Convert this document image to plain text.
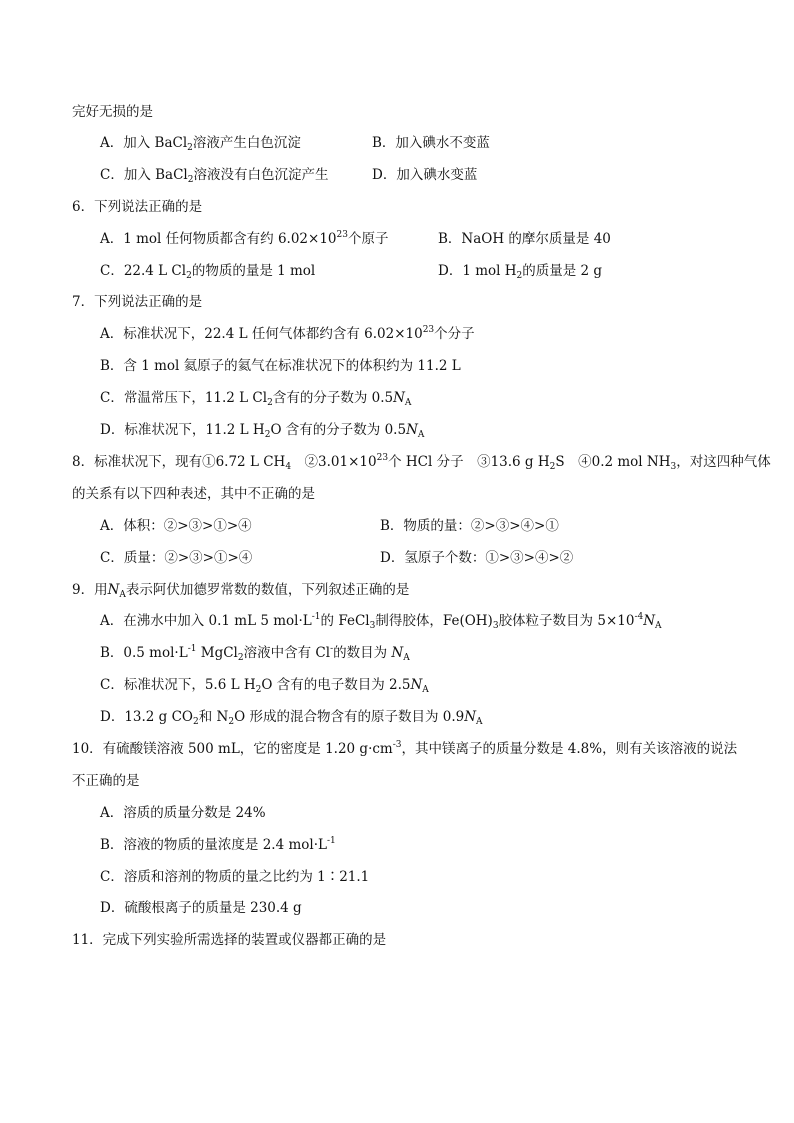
完好无损的是
A．加入 BaCl$_2$溶液产生白色沉淀	B．加入碘水不变蓝
C．加入 BaCl$_2$溶液没有白色沉淀产生	D．加入碘水变蓝
6．下列说法正确的是
A．1 mol 任何物质都含有约 $6.02\times 10^{23}$个原子	B．NaOH 的摩尔质量是 40
C．22.4 L $Cl_2$的物质的量是 1 mol	D．1 mol $H_2$的质量是 2 g
7．下列说法正确的是
A．标准状况下，22.4 L 任何气体都约含有 $6.02\times 10^{23}$个分子
B．含 1 mol 氦原子的氦气在标准状况下的体积约为 11.2 L
C．常温常压下，11.2 L $Cl_2$含有的分子数为 $0.5N_A$
D．标准状况下，11.2 L $H_2O$ 含有的分子数为 $0.5N_A$
8．标准状况下，现有①6.72 L $CH_4$　$②3.01\times 10^{23}$个 HCl 分子　③13.6 g $H_2S$　④0.2 mol $NH_3$，对这四种气体
的关系有以下四种表述，其中不正确的是
A．体积：②>③>①>④	B．物质的量：②>③>④>①
C．质量：②>③>①>④	D．氢原子个数：①>③>④>②
9．用$N_A$表示阿伏加德罗常数的数值，下列叙述正确的是
A．在沸水中加入 0.1 mL 5 $mol\cdot L^{-1}$的 FeCl$_3$制得胶体，$Fe(OH)_3$胶体粒子数目为 $5\times 10^{-4}N_A$
B．0.5 $mol\cdot L^{-1}$ MgCl$_2$溶液中含有 Cl-的数目为 $N_A$
C．标准状况下，5.6 L $H_2O$ 含有的电子数目为 $2.5N_A$
D．13.2 g $CO_2$和 $N_2O$ 形成的混合物含有的原子数目为 $0.9N_A$
10．有硫酸镁溶液 500 mL，它的密度是 1.20 $g\cdot cm^{-3}$，其中镁离子的质量分数是 4.8%，则有关该溶液的说法
不正确的是
A．溶质的质量分数是 24%
B．溶液的物质的量浓度是 2.4 $mol\cdot L^{-1}$
C．溶质和溶剂的物质的量之比约为 1∶21.1
D．硫酸根离子的质量是 230.4 g
11．完成下列实验所需选择的装置或仪器都正确的是
